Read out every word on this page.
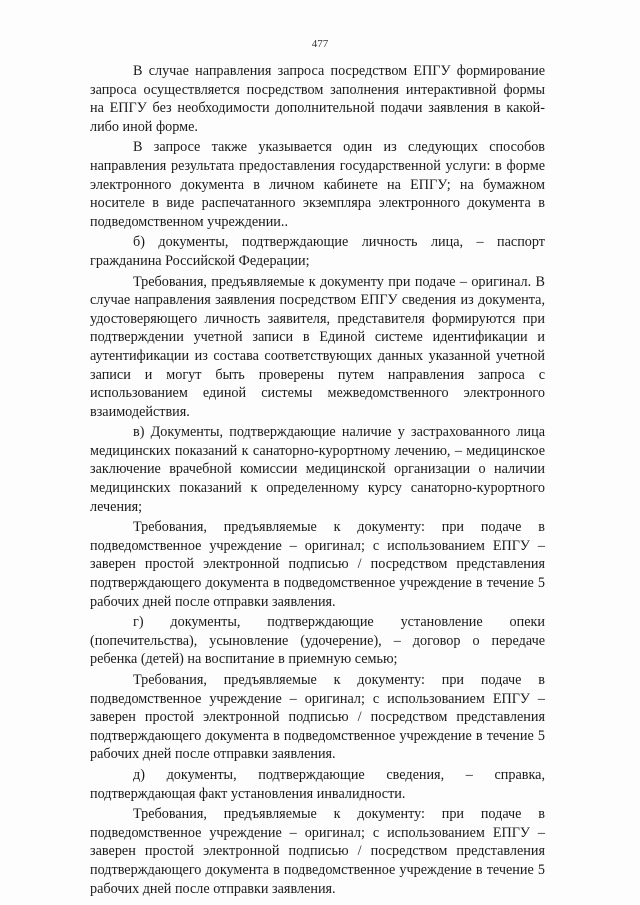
477

В случае направления запроса посредством ЕПГУ формирование запроса осуществляется посредством заполнения интерактивной формы на ЕПГУ без необходимости дополнительной подачи заявления в какой-либо иной форме.

В запросе также указывается один из следующих способов направления результата предоставления государственной услуги: в форме электронного документа в личном кабинете на ЕПГУ; на бумажном носителе в виде распечатанного экземпляра электронного документа в подведомственном учреждении..

б) документы, подтверждающие личность лица, – паспорт гражданина Российской Федерации;

Требования, предъявляемые к документу при подаче – оригинал. В случае направления заявления посредством ЕПГУ сведения из документа, удостоверяющего личность заявителя, представителя формируются при подтверждении учетной записи в Единой системе идентификации и аутентификации из состава соответствующих данных указанной учетной записи и могут быть проверены путем направления запроса с использованием единой системы межведомственного электронного взаимодействия.

в) Документы, подтверждающие наличие у застрахованного лица медицинских показаний к санаторно-курортному лечению, – медицинское заключение врачебной комиссии медицинской организации о наличии медицинских показаний к определенному курсу санаторно-курортного лечения;

Требования, предъявляемые к документу: при подаче в подведомственное учреждение – оригинал; с использованием ЕПГУ – заверен простой электронной подписью / посредством представления подтверждающего документа в подведомственное учреждение в течение 5 рабочих дней после отправки заявления.

г) документы, подтверждающие установление опеки (попечительства), усыновление (удочерение), – договор о передаче ребенка (детей) на воспитание в приемную семью;

Требования, предъявляемые к документу: при подаче в подведомственное учреждение – оригинал; с использованием ЕПГУ – заверен простой электронной подписью / посредством представления подтверждающего документа в подведомственное учреждение в течение 5 рабочих дней после отправки заявления.

д) документы, подтверждающие сведения, – справка, подтверждающая факт установления инвалидности.

Требования, предъявляемые к документу: при подаче в подведомственное учреждение – оригинал; с использованием ЕПГУ – заверен простой электронной подписью / посредством представления подтверждающего документа в подведомственное учреждение в течение 5 рабочих дней после отправки заявления.
